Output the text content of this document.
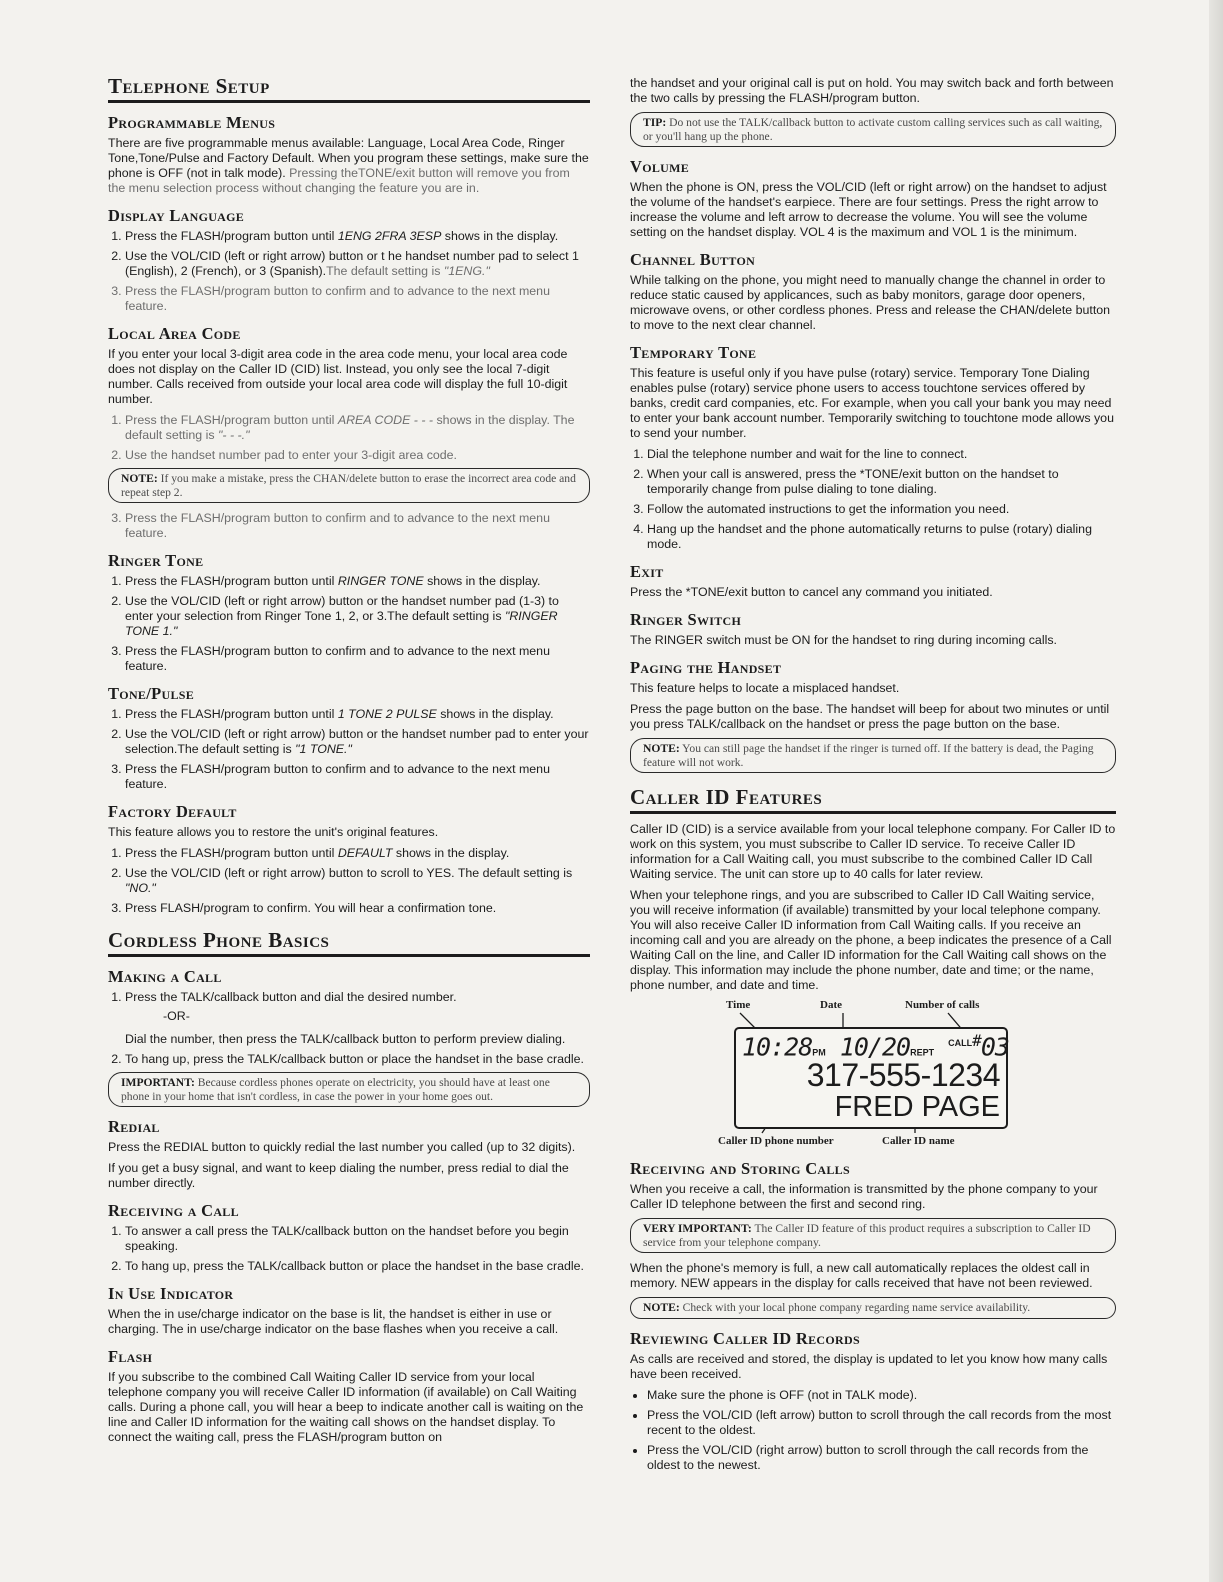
Telephone Setup
Programmable Menus

There are five programmable menus available: Language, Local Area Code, Ringer Tone,Tone/Pulse and Factory Default. When you program these settings, make sure the phone is OFF (not in talk mode). Pressing theTONE/exit button will remove you from the menu selection process without changing the feature you are in.

Display Language
1. Press the FLASH/program button until 1ENG 2FRA 3ESP shows in the display.
2. Use the VOL/CID (left or right arrow) button or t he handset number pad to select 1 (English), 2 (French), or 3 (Spanish).The default setting is "1ENG."
3. Press the FLASH/program button to confirm and to advance to the next menu feature.
Local Area Code

If you enter your local 3-digit area code in the area code menu, your local area code does not display on the Caller ID (CID) list. Instead, you only see the local 7-digit number. Calls received from outside your local area code will display the full 10-digit number.

1. Press the FLASH/program button until AREA CODE - - - shows in the display. The default setting is "- - -."
2. Use the handset number pad to enter your 3-digit area code.
NOTE: If you make a mistake, press the CHAN/delete button to erase the incorrect area code and repeat step 2.
3. Press the FLASH/program button to confirm and to advance to the next menu feature.
Ringer Tone
1. Press the FLASH/program button until RINGER TONE shows in the display.
2. Use the VOL/CID (left or right arrow) button or the handset number pad (1-3) to enter your selection from Ringer Tone 1, 2, or 3.The default setting is "RINGER TONE 1."
3. Press the FLASH/program button to confirm and to advance to the next menu feature.
Tone/Pulse
1. Press the FLASH/program button until 1 TONE 2 PULSE shows in the display.
2. Use the VOL/CID (left or right arrow) button or the handset number pad to enter your selection.The default setting is "1 TONE."
3. Press the FLASH/program button to confirm and to advance to the next menu feature.
Factory Default

This feature allows you to restore the unit's original features.

1. Press the FLASH/program button until DEFAULT shows in the display.
2. Use the VOL/CID (left or right arrow) button to scroll to YES. The default setting is "NO."
3. Press FLASH/program to confirm. You will hear a confirmation tone.
Cordless Phone Basics
Making a Call
1. Press the TALK/callback button and dial the desired number.
-OR-
Dial the number, then press the TALK/callback button to perform preview dialing.
2. To hang up, press the TALK/callback button or place the handset in the base cradle.
IMPORTANT: Because cordless phones operate on electricity, you should have at least one phone in your home that isn't cordless, in case the power in your home goes out.
Redial

Press the REDIAL button to quickly redial the last number you called (up to 32 digits).

If you get a busy signal, and want to keep dialing the number, press redial to dial the number directly.

Receiving a Call
1. To answer a call press the TALK/callback button on the handset before you begin speaking.
2. To hang up, press the TALK/callback button or place the handset in the base cradle.
In Use Indicator

When the in use/charge indicator on the base is lit, the handset is either in use or charging. The in use/charge indicator on the base flashes when you receive a call.

Flash

If you subscribe to the combined Call Waiting Caller ID service from your local telephone company you will receive Caller ID information (if available) on Call Waiting calls. During a phone call, you will hear a beep to indicate another call is waiting on the line and Caller ID information for the waiting call shows on the handset display. To connect the waiting call, press the FLASH/program button on

the handset and your original call is put on hold. You may switch back and forth between the two calls by pressing the FLASH/program button.

TIP: Do not use the TALK/callback button to activate custom calling services such as call waiting, or you'll hang up the phone.
Volume

When the phone is ON, press the VOL/CID (left or right arrow) on the handset to adjust the volume of the handset's earpiece. There are four settings. Press the right arrow to increase the volume and left arrow to decrease the volume. You will see the volume setting on the handset display. VOL 4 is the maximum and VOL 1 is the minimum.

Channel Button

While talking on the phone, you might need to manually change the channel in order to reduce static caused by applicances, such as baby monitors, garage door openers, microwave ovens, or other cordless phones. Press and release the CHAN/delete button to move to the next clear channel.

Temporary Tone

This feature is useful only if you have pulse (rotary) service. Temporary Tone Dialing enables pulse (rotary) service phone users to access touchtone services offered by banks, credit card companies, etc. For example, when you call your bank you may need to enter your bank account number. Temporarily switching to touchtone mode allows you to send your number.

1. Dial the telephone number and wait for the line to connect.
2. When your call is answered, press the *TONE/exit button on the handset to temporarily change from pulse dialing to tone dialing.
3. Follow the automated instructions to get the information you need.
4. Hang up the handset and the phone automatically returns to pulse (rotary) dialing mode.
Exit

Press the *TONE/exit button to cancel any command you initiated.

Ringer Switch

The RINGER switch must be ON for the handset to ring during incoming calls.

Paging the Handset

This feature helps to locate a misplaced handset.

Press the page button on the base. The handset will beep for about two minutes or until you press TALK/callback on the handset or press the page button on the base.

NOTE: You can still page the handset if the ringer is turned off. If the battery is dead, the Paging feature will not work.
Caller ID Features

Caller ID (CID) is a service available from your local telephone company. For Caller ID to work on this system, you must subscribe to Caller ID service. To receive Caller ID information for a Call Waiting call, you must subscribe to the combined Caller ID Call Waiting service. The unit can store up to 40 calls for later review.

When your telephone rings, and you are subscribed to Caller ID Call Waiting service, you will receive information (if available) transmitted by your local telephone company. You will also receive Caller ID information from Call Waiting calls. If you receive an incoming call and you are already on the phone, a beep indicates the presence of a Call Waiting Call on the line, and Caller ID information for the Call Waiting call shows on the display. This information may include the phone number, date and time; or the name, phone number, and date and time.

Time	Date	Number of calls
10:28PM 10/20REPT $^{CALL\#}$03
317-555-1234
FRED PAGE
Caller ID phone number	Caller ID name
Receiving and Storing Calls

When you receive a call, the information is transmitted by the phone company to your Caller ID telephone between the first and second ring.

VERY IMPORTANT: The Caller ID feature of this product requires a subscription to Caller ID service from your telephone company.

When the phone's memory is full, a new call automatically replaces the oldest call in memory. NEW appears in the display for calls received that have not been reviewed.

NOTE: Check with your local phone company regarding name service availability.
Reviewing Caller ID Records

As calls are received and stored, the display is updated to let you know how many calls have been received.

• Make sure the phone is OFF (not in TALK mode).
• Press the VOL/CID (left arrow) button to scroll through the call records from the most recent to the oldest.
• Press the VOL/CID (right arrow) button to scroll through the call records from the oldest to the newest.
